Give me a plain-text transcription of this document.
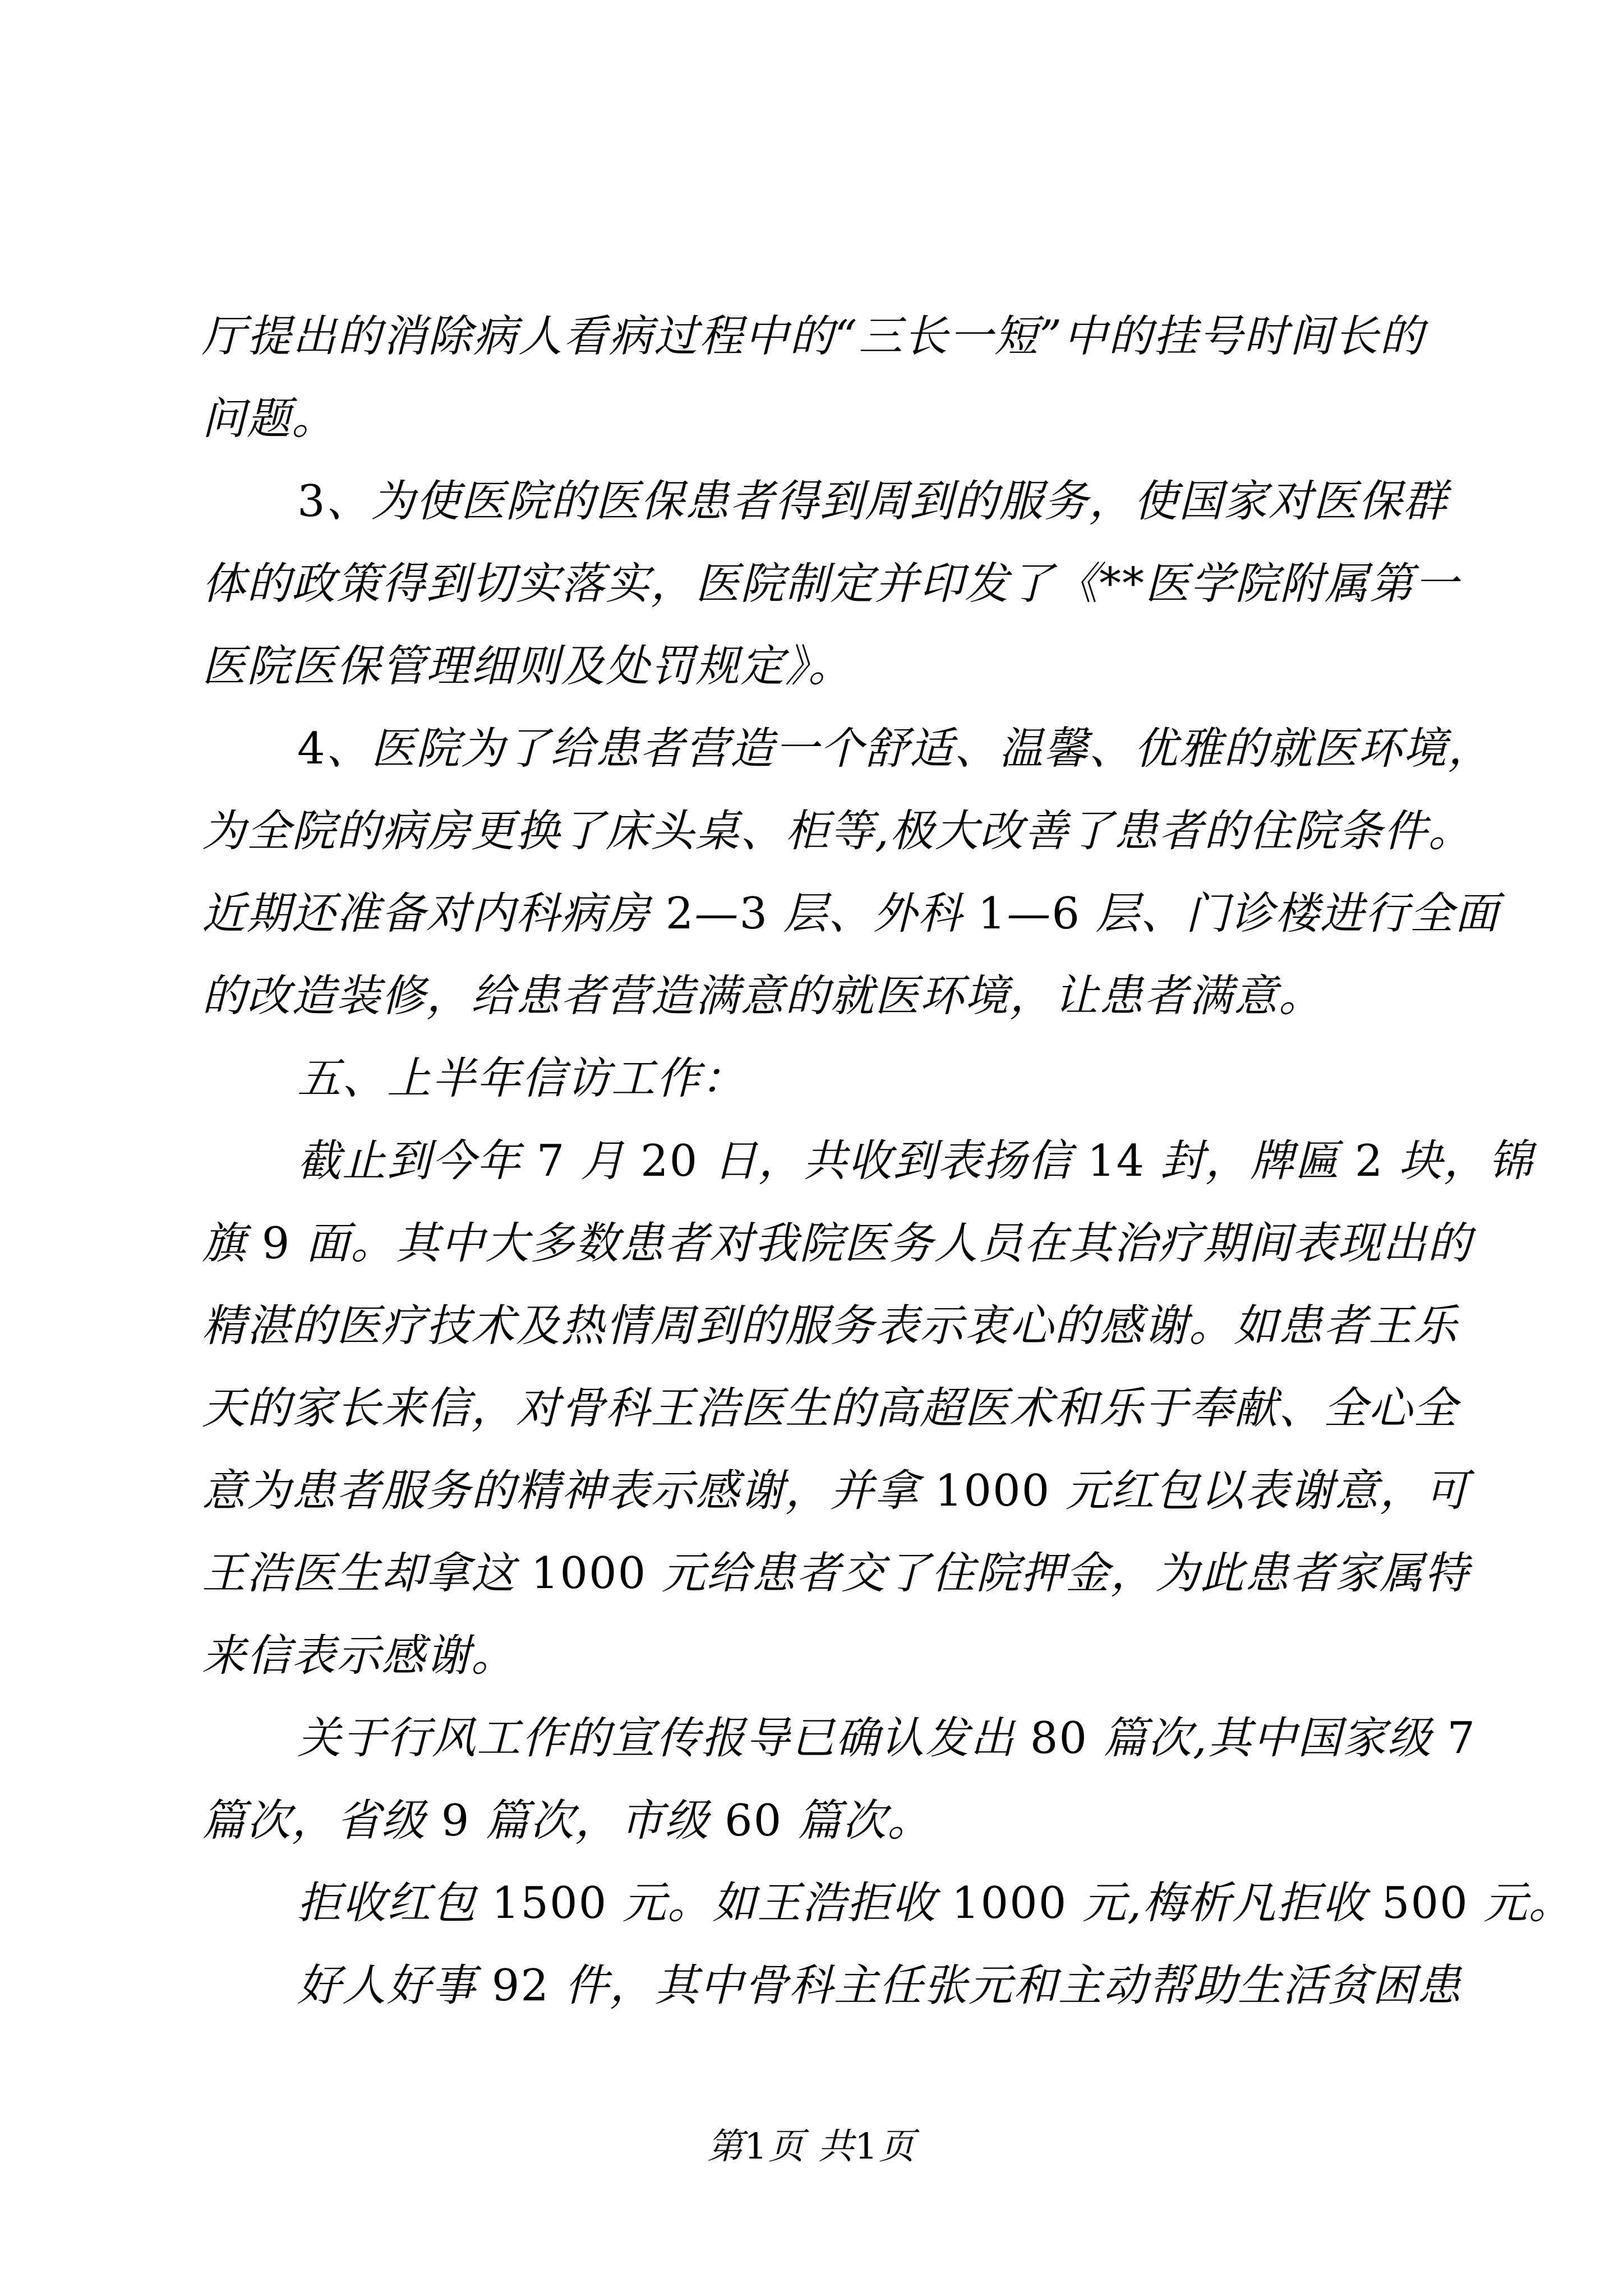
厅提出的消除病人看病过程中的“三长一短”中的挂号时间长的
问题。
3、为使医院的医保患者得到周到的服务，使国家对医保群
体的政策得到切实落实，医院制定并印发了《**医学院附属第一
医院医保管理细则及处罚规定》。
4、医院为了给患者营造一个舒适、温馨、优雅的就医环境，
为全院的病房更换了床头桌、柜等,极大改善了患者的住院条件。
近期还准备对内科病房 2—3 层、外科 1—6 层、门诊楼进行全面
的改造装修，给患者营造满意的就医环境，让患者满意。
五、上半年信访工作：
截止到今年 7 月 20 日，共收到表扬信 14 封，牌匾 2 块，锦
旗 9 面。其中大多数患者对我院医务人员在其治疗期间表现出的
精湛的医疗技术及热情周到的服务表示衷心的感谢。如患者王乐
天的家长来信，对骨科王浩医生的高超医术和乐于奉献、全心全
意为患者服务的精神表示感谢，并拿 1000 元红包以表谢意，可
王浩医生却拿这 1000 元给患者交了住院押金，为此患者家属特
来信表示感谢。
关于行风工作的宣传报导已确认发出 80 篇次,其中国家级 7
篇次，省级 9 篇次，市级 60 篇次。
拒收红包 1500 元。如王浩拒收 1000 元,梅析凡拒收 500 元。
好人好事 92 件，其中骨科主任张元和主动帮助生活贫困患
第1页 共1页
